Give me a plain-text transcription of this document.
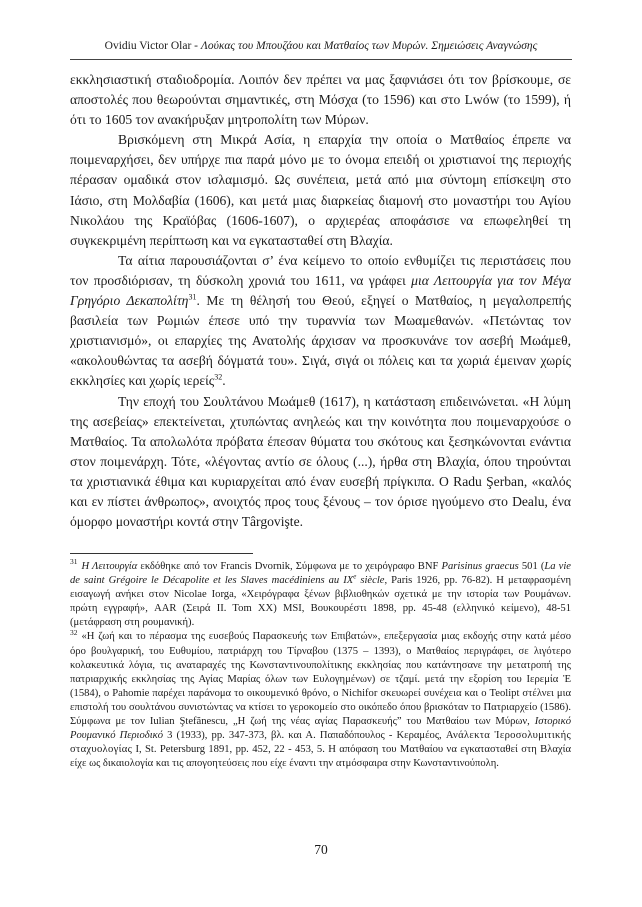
Ovidiu Victor Olar - Λούκας του Μπουζάου και Ματθαίος των Μυρών. Σημειώσεις Αναγνώσης

εκκλησιαστική σταδιοδρομία. Λοιπόν δεν πρέπει να μας ξαφνιάσει ότι τον βρίσκουμε, σε αποστολές που θεωρούνται σημαντικές, στη Μόσχα (το 1596) και στο Lwów (το 1599), ή ότι το 1605 τον ανακήρυξαν μητροπολίτη των Μύρων.

Βρισκόμενη στη Μικρά Ασία, η επαρχία την οποία ο Ματθαίος έπρεπε να ποιμεναρχήσει, δεν υπήρχε πια παρά μόνο με το όνομα επειδή οι χριστιανοί της περιοχής πέρασαν ομαδικά στον ισλαμισμό. Ως συνέπεια, μετά από μια σύντομη επίσκεψη στο Ιάσιο, στη Μολδαβία (1606), και μετά μιας διαρκείας διαμονή στο μοναστήρι του Αγίου Νικολάου της Κραϊόβας (1606-1607), ο αρχιερέας αποφάσισε να επωφεληθεί τη συγκεκριμένη περίπτωση και να εγκατασταθεί στη Βλαχία.

Τα αίτια παρουσιάζονται σ’ ένα κείμενο το οποίο ενθυμίζει τις περιστάσεις που τον προσδιόρισαν, τη δύσκολη χρονιά του 1611, να γράφει μια Λειτουργία για τον Μέγα Γρηγόριο Δεκαπολίτη$^{31}$. Με τη θέλησή του Θεού, εξηγεί ο Ματθαίος, η μεγαλοπρεπής βασιλεία των Ρωμιών έπεσε υπό την τυραννία των Μωαμεθανών. «Πετώντας τον χριστιανισμό», οι επαρχίες της Ανατολής άρχισαν να προσκυνάνε τον ασεβή Μωάμεθ, «ακολουθώντας τα ασεβή δόγματά του». Σιγά, σιγά οι πόλεις και τα χωριά έμειναν χωρίς εκκλησίες και χωρίς ιερείς$^{32}$.

Την εποχή του Σουλτάνου Μωάμεθ (1617), η κατάσταση επιδεινώνεται. «Η λύμη της ασεβείας» επεκτείνεται, χτυπώντας ανηλεώς και την κοινότητα που ποιμεναρχούσε ο Ματθαίος. Τα απολωλότα πρόβατα έπεσαν θύματα του σκότους και ξεσηκώνονται ενάντια στον ποιμενάρχη. Τότε, «λέγοντας αντίο σε όλους (...), ήρθα στη Βλαχία, όπου τηρούνται τα χριστιανικά έθιμα και κυριαρχείται από έναν ευσεβή πρίγκιπα. Ο Radu Şerban, «καλός και εν πίστει άνθρωπος», ανοιχτός προς τους ξένους – τον όρισε ηγούμενο στο Dealu, ένα όμορφο μοναστήρι κοντά στην Târgovişte.

$^{31}$ Η Λειτουργία εκδόθηκε από τον Francis Dvornik, Σύμφωνα με το χειρόγραφο BNF Parisinus graecus 501 (La vie de saint Grégoire le Décapolite et les Slaves macédiniens au IXe siècle, Paris 1926, pp. 76-82). Η μεταφρασμένη εισαγωγή ανήκει στον Nicolae Iorga, «Χειρόγραφα ξένων βιβλιοθηκών σχετικά με την ιστορία των Ρουμάνων. πρώτη εγγραφή», AAR (Σειρά II. Tom XX) MSI, Βουκουρέστι 1898, pp. 45-48 (ελληνικό κείμενο), 48-51 (μετάφραση στη ρουμανική).

$^{32}$ «Η ζωή και το πέρασμα της ευσεβούς Παρασκευής των Επιβατών», επεξεργασία μιας εκδοχής στην κατά μέσο όρο βουλγαρική, του Ευθυμίου, πατριάρχη του Τίρναβου (1375 – 1393), ο Ματθαίος περιγράφει, σε λιγότερο κολακευτικά λόγια, τις αναταραχές της Κωνσταντινουπολίτικης εκκλησίας που κατάντησανε την μετατροπή της πατριαρχικής εκκλησίας της Αγίας Μαρίας όλων των Ευλογημένων) σε τζαμί. μετά την εξορίση του Ιερεμία Ἐ (1584), ο Pahomie παρέχει παράνομα το οικουμενικό θρόνο, ο Nichifor σκευωρεί συνέχεια και ο Teolipt στέλνει μια επιστολή του σουλτάνου συνιστώντας να κτίσει το γεροκομείο στο οικόπεδο όπου βρισκόταν το Πατριαρχείο (1586). Σύμφωνα με τον Iulian Ştefănescu, „Η ζωή της νέας αγίας Παρασκευής” του Ματθαίου των Μύρων, Ιστορικό Ρουμανικό Περιοδικό 3 (1933), pp. 347-373, βλ. και Α. Παπαδόπουλος - Κεραμέος, Ανάλεκτα Ἱεροσολυμιτικής σταχυολογίας I, St. Petersburg 1891, pp. 452, 22 - 453, 5. Η απόφαση του Ματθαίου να εγκατασταθεί στη Βλαχία είχε ως δικαιολογία και τις απογοητεύσεις που είχε έναντι την ατμόσφαιρα στην Κωνσταντινούπολη.

70
